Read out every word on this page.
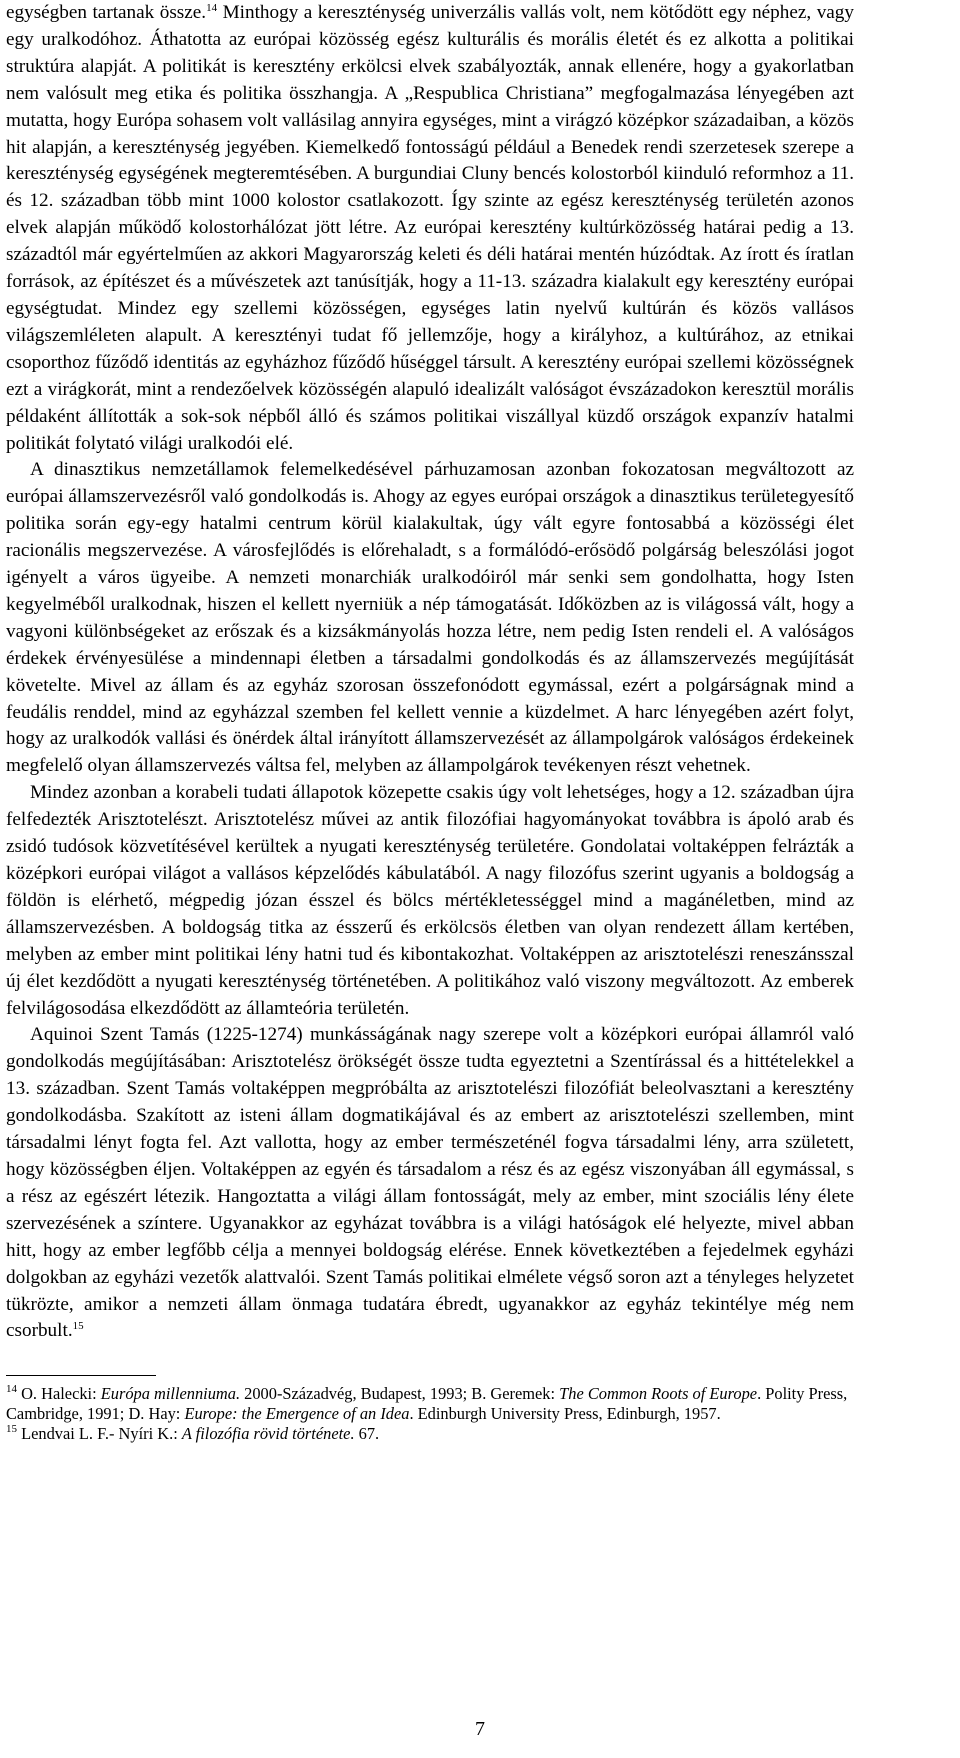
egységben tartanak össze.$^{14}$ Minthogy a kereszténység univerzális vallás volt, nem kötődött egy néphez, vagy egy uralkodóhoz. Áthatotta az európai közösség egész kulturális és morális életét és ez alkotta a politikai struktúra alapját. A politikát is keresztény erkölcsi elvek szabályozták, annak ellenére, hogy a gyakorlatban nem valósult meg etika és politika összhangja. A „Respublica Christiana” megfogalmazása lényegében azt mutatta, hogy Európa sohasem volt vallásilag annyira egységes, mint a virágzó középkor századaiban, a közös hit alapján, a kereszténység jegyében. Kiemelkedő fontosságú például a Benedek rendi szerzetesek szerepe a kereszténység egységének megteremtésében. A burgundiai Cluny bencés kolostorból kiinduló reformhoz a 11. és 12. században több mint 1000 kolostor csatlakozott. Így szinte az egész kereszténység területén azonos elvek alapján működő kolostorhálózat jött létre. Az európai keresztény kultúrközösség határai pedig a 13. századtól már egyértelműen az akkori Magyarország keleti és déli határai mentén húzódtak. Az írott és íratlan források, az építészet és a művészetek azt tanúsítják, hogy a 11-13. századra kialakult egy keresztény európai egységtudat. Mindez egy szellemi közösségen, egységes latin nyelvű kultúrán és közös vallásos világszemléleten alapult. A keresztényi tudat fő jellemzője, hogy a királyhoz, a kultúrához, az etnikai csoporthoz fűződő identitás az egyházhoz fűződő hűséggel társult. A keresztény európai szellemi közösségnek ezt a virágkorát, mint a rendezőelvek közösségén alapuló idealizált valóságot évszázadokon keresztül morális példaként állították a sok-sok népből álló és számos politikai viszállyal küzdő országok expanzív hatalmi politikát folytató világi uralkodói elé.

A dinasztikus nemzetállamok felemelkedésével párhuzamosan azonban fokozatosan megváltozott az európai államszervezésről való gondolkodás is. Ahogy az egyes európai országok a dinasztikus területegyesítő politika során egy-egy hatalmi centrum körül kialakultak, úgy vált egyre fontosabbá a közösségi élet racionális megszervezése. A városfejlődés is előrehaladt, s a formálódó-erősödő polgárság beleszólási jogot igényelt a város ügyeibe. A nemzeti monarchiák uralkodóiról már senki sem gondolhatta, hogy Isten kegyelméből uralkodnak, hiszen el kellett nyerniük a nép támogatását. Időközben az is világossá vált, hogy a vagyoni különbségeket az erőszak és a kizsákmányolás hozza létre, nem pedig Isten rendeli el. A valóságos érdekek érvényesülése a mindennapi életben a társadalmi gondolkodás és az államszervezés megújítását követelte. Mivel az állam és az egyház szorosan összefonódott egymással, ezért a polgárságnak mind a feudális renddel, mind az egyházzal szemben fel kellett vennie a küzdelmet. A harc lényegében azért folyt, hogy az uralkodók vallási és önérdek által irányított államszervezését az állampolgárok valóságos érdekeinek megfelelő olyan államszervezés váltsa fel, melyben az állampolgárok tevékenyen részt vehetnek.

Mindez azonban a korabeli tudati állapotok közepette csakis úgy volt lehetséges, hogy a 12. században újra felfedezték Arisztotelészt. Arisztotelész művei az antik filozófiai hagyományokat továbbra is ápoló arab és zsidó tudósok közvetítésével kerültek a nyugati kereszténység területére. Gondolatai voltaképpen felrázták a középkori európai világot a vallásos képzelődés kábulatából. A nagy filozófus szerint ugyanis a boldogság a földön is elérhető, mégpedig józan ésszel és bölcs mértékletességgel mind a magánéletben, mind az államszervezésben. A boldogság titka az ésszerű és erkölcsös életben van olyan rendezett állam kertében, melyben az ember mint politikai lény hatni tud és kibontakozhat. Voltaképpen az arisztotelészi reneszánsszal új élet kezdődött a nyugati kereszténység történetében. A politikához való viszony megváltozott. Az emberek felvilágosodása elkezdődött az államteória területén.

Aquinoi Szent Tamás (1225-1274) munkásságának nagy szerepe volt a középkori európai államról való gondolkodás megújításában: Arisztotelész örökségét össze tudta egyeztetni a Szentírással és a hittételekkel a 13. században. Szent Tamás voltaképpen megpróbálta az arisztotelészi filozófiát beleolvasztani a keresztény gondolkodásba. Szakított az isteni állam dogmatikájával és az embert az arisztotelészi szellemben, mint társadalmi lényt fogta fel. Azt vallotta, hogy az ember természeténél fogva társadalmi lény, arra született, hogy közösségben éljen. Voltaképpen az egyén és társadalom a rész és az egész viszonyában áll egymással, s a rész az egészért létezik. Hangoztatta a világi állam fontosságát, mely az ember, mint szociális lény élete szervezésének a színtere. Ugyanakkor az egyházat továbbra is a világi hatóságok elé helyezte, mivel abban hitt, hogy az ember legfőbb célja a mennyei boldogság elérése. Ennek következtében a fejedelmek egyházi dolgokban az egyházi vezetők alattvalói. Szent Tamás politikai elmélete végső soron azt a tényleges helyzetet tükrözte, amikor a nemzeti állam önmaga tudatára ébredt, ugyanakkor az egyház tekintélye még nem csorbult.$^{15}$

$^{14}$ O. Halecki: Európa millenniuma. 2000-Századvég, Budapest, 1993; B. Geremek: The Common Roots of Europe. Polity Press, Cambridge, 1991; D. Hay: Europe: the Emergence of an Idea. Edinburgh University Press, Edinburgh, 1957.

$^{15}$ Lendvai L. F.- Nyíri K.: A filozófia rövid története. 67.

7
